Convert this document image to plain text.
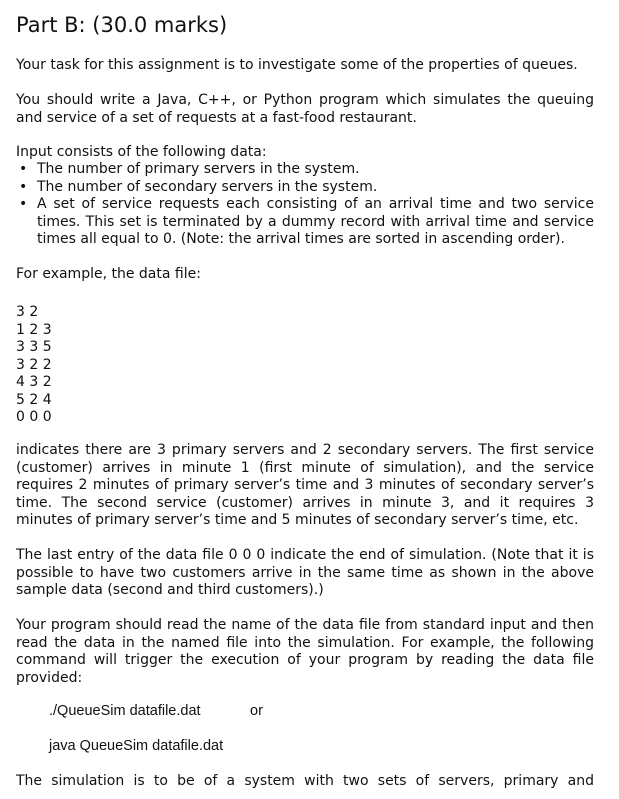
Part B: (30.0 marks)

Your task for this assignment is to investigate some of the properties of queues.

You should write a Java, C++, or Python program which simulates the queuing and service of a set of requests at a fast-food restaurant.

Input consists of the following data:

• The number of primary servers in the system.
• The number of secondary servers in the system.
• A set of service requests each consisting of an arrival time and two service times. This set is terminated by a dummy record with arrival time and service times all equal to 0. (Note: the arrival times are sorted in ascending order).

For example, the data file:

3 2
1 2 3
3 3 5
3 2 2
4 3 2
5 2 4
0 0 0

indicates there are 3 primary servers and 2 secondary servers. The first service (customer) arrives in minute 1 (first minute of simulation), and the service requires 2 minutes of primary server’s time and 3 minutes of secondary server’s time. The second service (customer) arrives in minute 3, and it requires 3 minutes of primary server’s time and 5 minutes of secondary server’s time, etc.

The last entry of the data file 0 0 0 indicate the end of simulation. (Note that it is possible to have two customers arrive in the same time as shown in the above sample data (second and third customers).)

Your program should read the name of the data file from standard input and then read the data in the named file into the simulation. For example, the following command will trigger the execution of your program by reading the data file provided:

./QueueSim datafile.dat	or
java QueueSim datafile.dat

The simulation is to be of a system with two sets of servers, primary and
